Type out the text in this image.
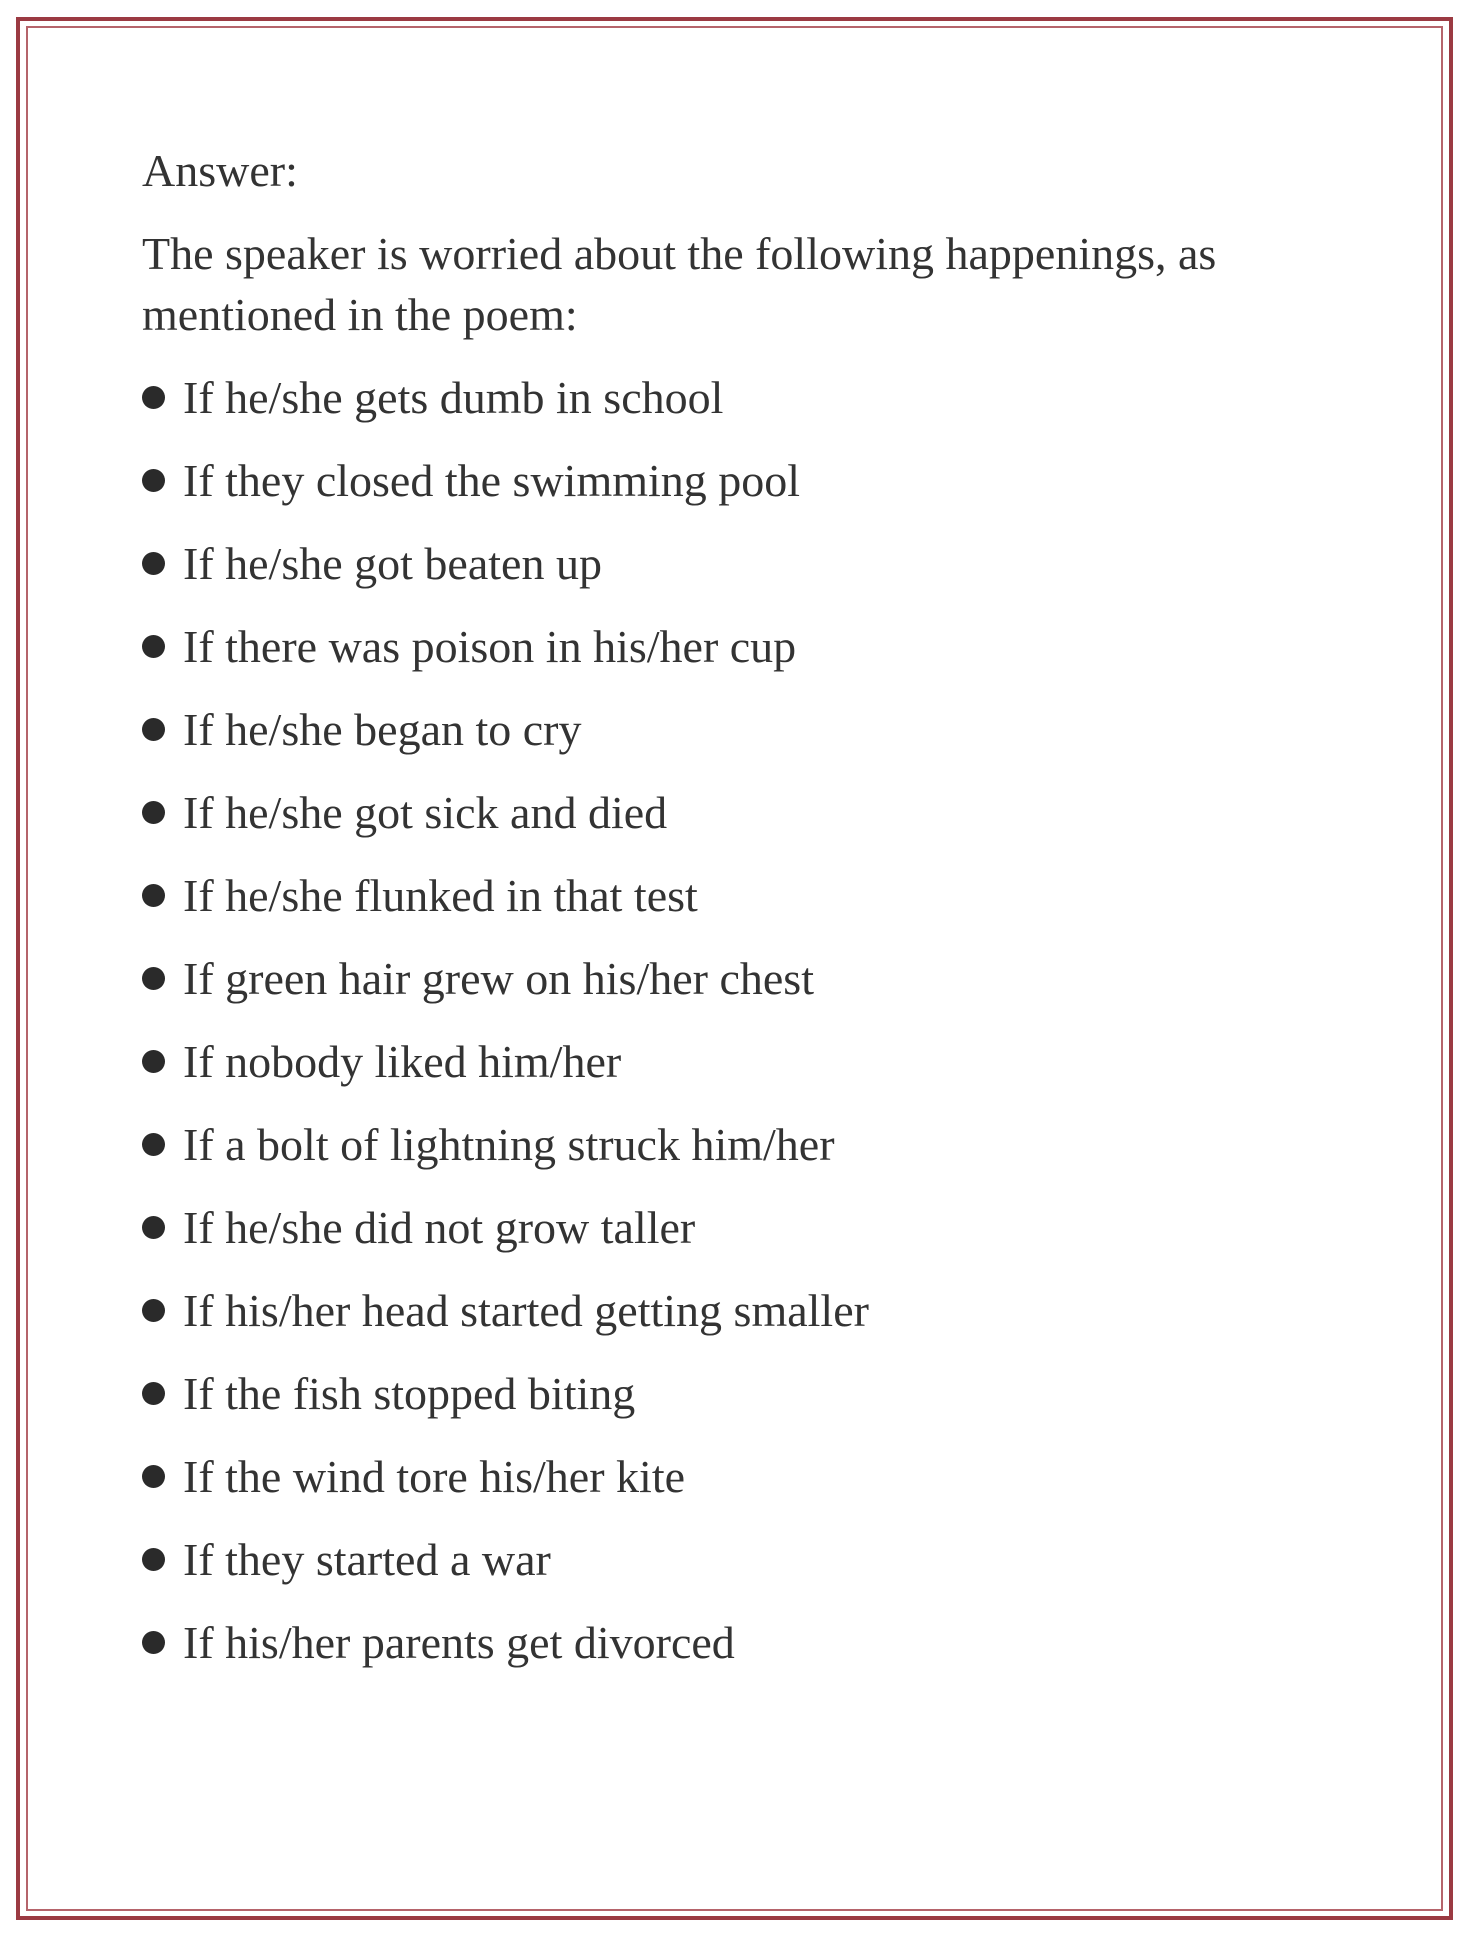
Answer:
The speaker is worried about the following happenings, as mentioned in the poem:
If he/she gets dumb in school
If they closed the swimming pool
If he/she got beaten up
If there was poison in his/her cup
If he/she began to cry
If he/she got sick and died
If he/she flunked in that test
If green hair grew on his/her chest
If nobody liked him/her
If a bolt of lightning struck him/her
If he/she did not grow taller
If his/her head started getting smaller
If the fish stopped biting
If the wind tore his/her kite
If they started a war
If his/her parents get divorced
